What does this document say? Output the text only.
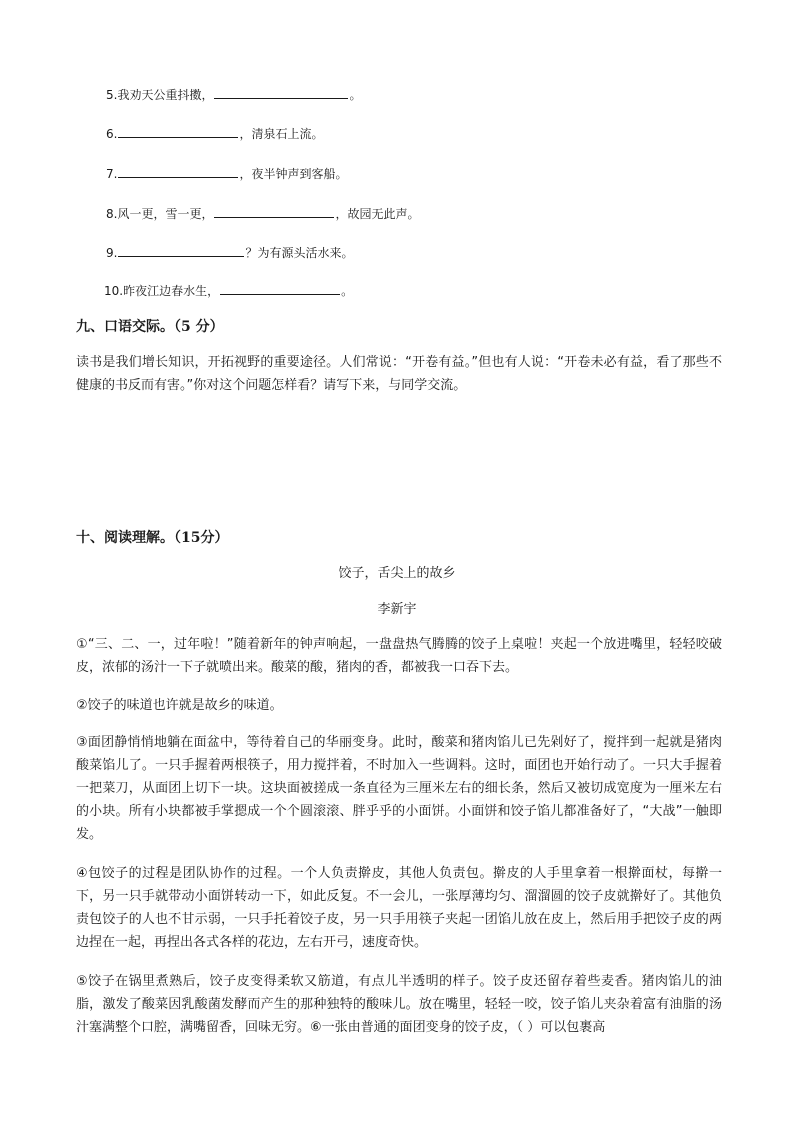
5.我劝天公重抖擞，	。
6.	，清泉石上流。
7.	，夜半钟声到客船。
8.风一更，雪一更，	，故园无此声。
9.	？为有源头活水来。
10.昨夜江边春水生，	。
九、口语交际。（5 分）
读书是我们增长知识，开拓视野的重要途径。人们常说：“开卷有益。”但也有人说：“开卷未必有益，看了那些不健康的书反而有害。”你对这个问题怎样看？请写下来，与同学交流。
十、阅读理解。（15分）
饺子，舌尖上的故乡
李新宇
①“三、二、一，过年啦！”随着新年的钟声响起，一盘盘热气腾腾的饺子上桌啦！夹起一个放进嘴里，轻轻咬破皮，浓郁的汤汁一下子就喷出来。酸菜的酸，猪肉的香，都被我一口吞下去。
②饺子的味道也许就是故乡的味道。
③面团静悄悄地躺在面盆中，等待着自己的华丽变身。此时，酸菜和猪肉馅儿已先剁好了，搅拌到一起就是猪肉酸菜馅儿了。一只手握着两根筷子，用力搅拌着，不时加入一些调料。这时，面团也开始行动了。一只大手握着一把菜刀，从面团上切下一块。这块面被搓成一条直径为三厘米左右的细长条，然后又被切成宽度为一厘米左右的小块。所有小块都被手掌摁成一个个圆滚滚、胖乎乎的小面饼。小面饼和饺子馅儿都准备好了，“大战”一触即发。
④包饺子的过程是团队协作的过程。一个人负责擀皮，其他人负责包。擀皮的人手里拿着一根擀面杖，每擀一下，另一只手就带动小面饼转动一下，如此反复。不一会儿，一张厚薄均匀、溜溜圆的饺子皮就擀好了。其他负责包饺子的人也不甘示弱，一只手托着饺子皮，另一只手用筷子夹起一团馅儿放在皮上，然后用手把饺子皮的两边捏在一起，再捏出各式各样的花边，左右开弓，速度奇快。
⑤饺子在锅里煮熟后，饺子皮变得柔软又筋道，有点儿半透明的样子。饺子皮还留存着些麦香。猪肉馅儿的油脂，激发了酸菜因乳酸菌发酵而产生的那种独特的酸味儿。放在嘴里，轻轻一咬，饺子馅儿夹杂着富有油脂的汤汁塞满整个口腔，满嘴留香，回味无穷。⑥一张由普通的面团变身的饺子皮，（ ）可以包裹高
